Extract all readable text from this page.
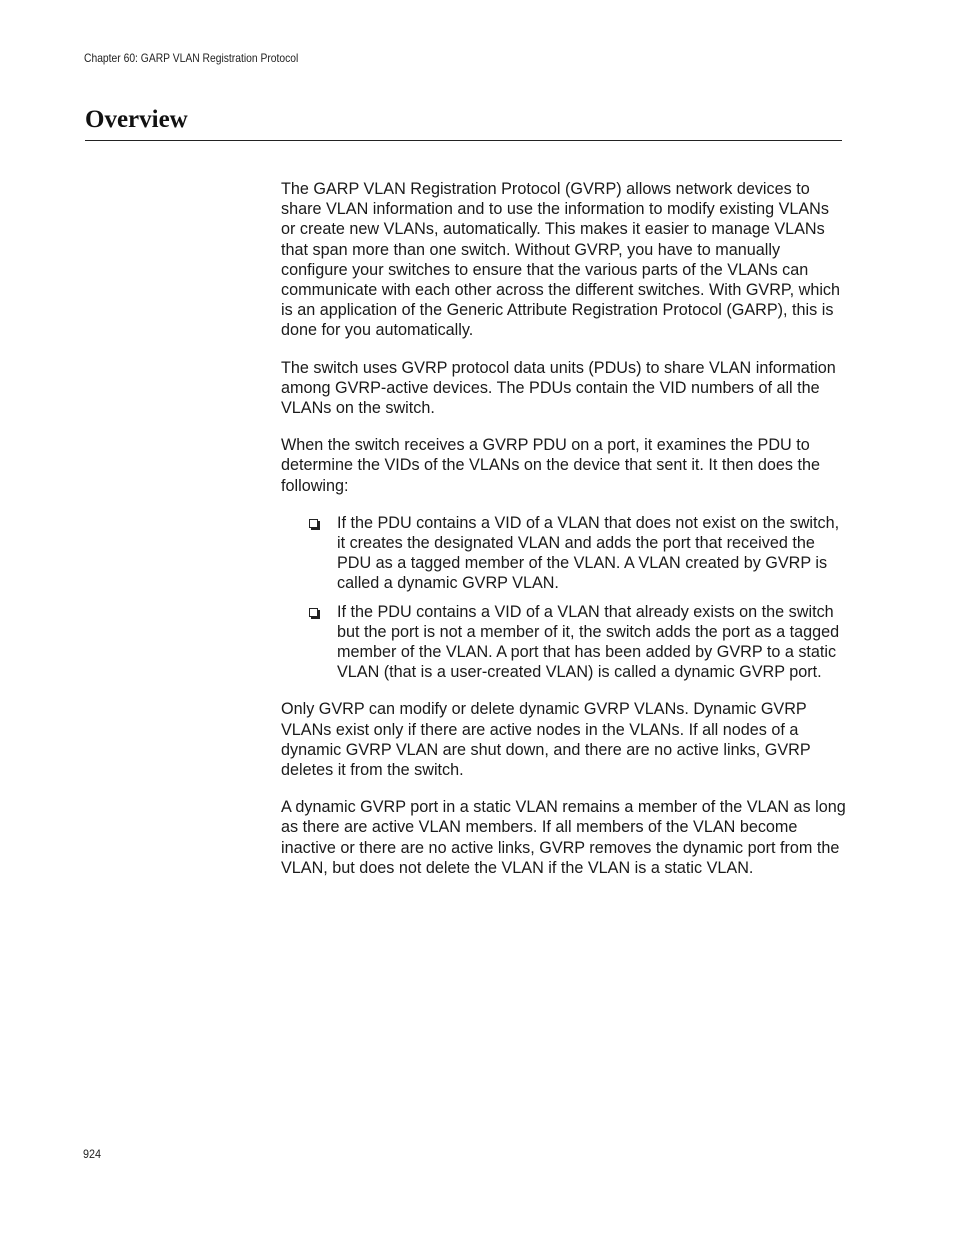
Chapter 60: GARP VLAN Registration Protocol
Overview

The GARP VLAN Registration Protocol (GVRP) allows network devices to share VLAN information and to use the information to modify existing VLANs or create new VLANs, automatically. This makes it easier to manage VLANs that span more than one switch. Without GVRP, you have to manually configure your switches to ensure that the various parts of the VLANs can communicate with each other across the different switches. With GVRP, which is an application of the Generic Attribute Registration Protocol (GARP), this is done for you automatically.

The switch uses GVRP protocol data units (PDUs) to share VLAN information among GVRP-active devices. The PDUs contain the VID numbers of all the VLANs on the switch.

When the switch receives a GVRP PDU on a port, it examines the PDU to determine the VIDs of the VLANs on the device that sent it. It then does the following:

If the PDU contains a VID of a VLAN that does not exist on the switch, it creates the designated VLAN and adds the port that received the PDU as a tagged member of the VLAN. A VLAN created by GVRP is called a dynamic GVRP VLAN.
If the PDU contains a VID of a VLAN that already exists on the switch but the port is not a member of it, the switch adds the port as a tagged member of the VLAN. A port that has been added by GVRP to a static VLAN (that is a user-created VLAN) is called a dynamic GVRP port.

Only GVRP can modify or delete dynamic GVRP VLANs. Dynamic GVRP VLANs exist only if there are active nodes in the VLANs. If all nodes of a dynamic GVRP VLAN are shut down, and there are no active links, GVRP deletes it from the switch.

A dynamic GVRP port in a static VLAN remains a member of the VLAN as long as there are active VLAN members. If all members of the VLAN become inactive or there are no active links, GVRP removes the dynamic port from the VLAN, but does not delete the VLAN if the VLAN is a static VLAN.

924
